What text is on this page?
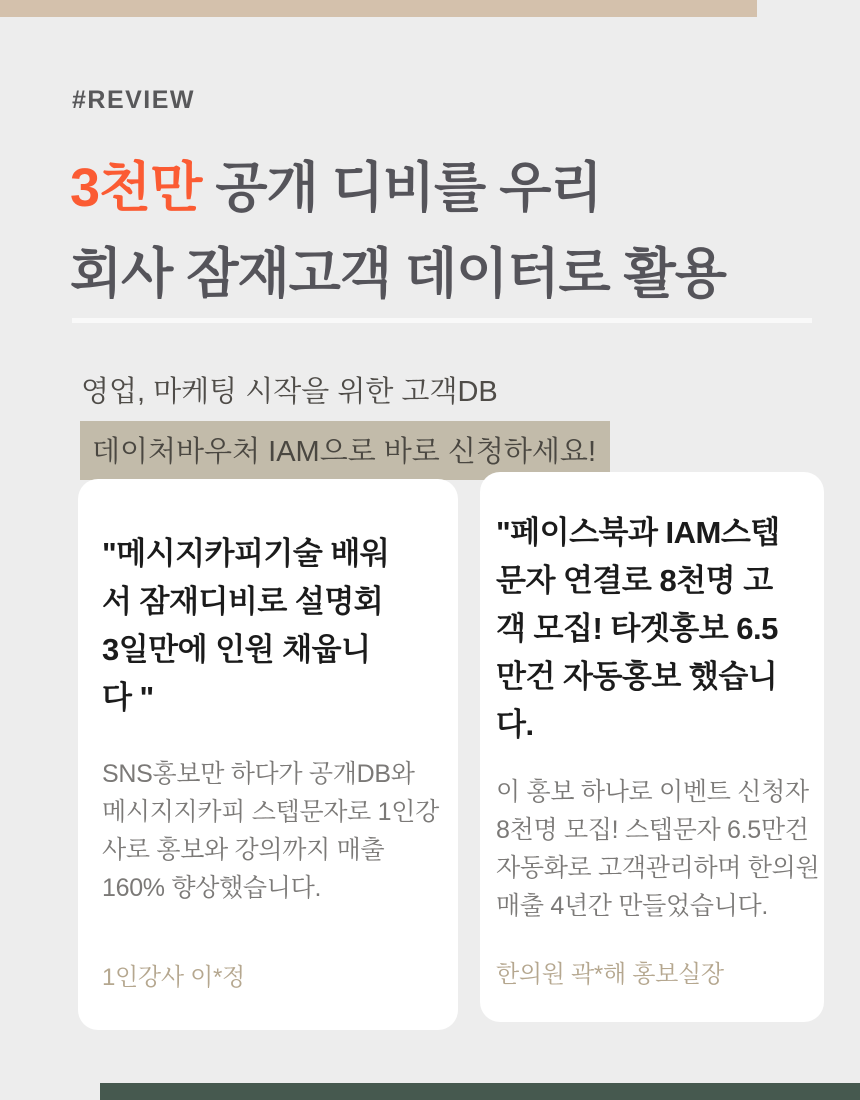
#REVIEW
3천만 공개 디비를 우리
회사 잠재고객 데이터로 활용
영업, 마케팅 시작을 위한 고객DB
데이처바우처 IAM으로 바로 신청하세요!
"메시지카피기술 배워
서 잠재디비로 설명회
3일만에 인원 채웁니
다 "
SNS홍보만 하다가 공개DB와
메시지지카피 스텝문자로 1인강
사로 홍보와 강의까지 매출
160% 향상했습니다.
1인강사 이*정
"페이스북과 IAM스텝
문자 연결로 8천명 고
객 모집! 타겟홍보 6.5
만건 자동홍보 했습니
다.
이 홍보 하나로 이벤트 신청자
8천명 모집! 스텝문자 6.5만건
자동화로 고객관리하며 한의원
매출 4년간 만들었습니다.
한의원 곽*해 홍보실장
